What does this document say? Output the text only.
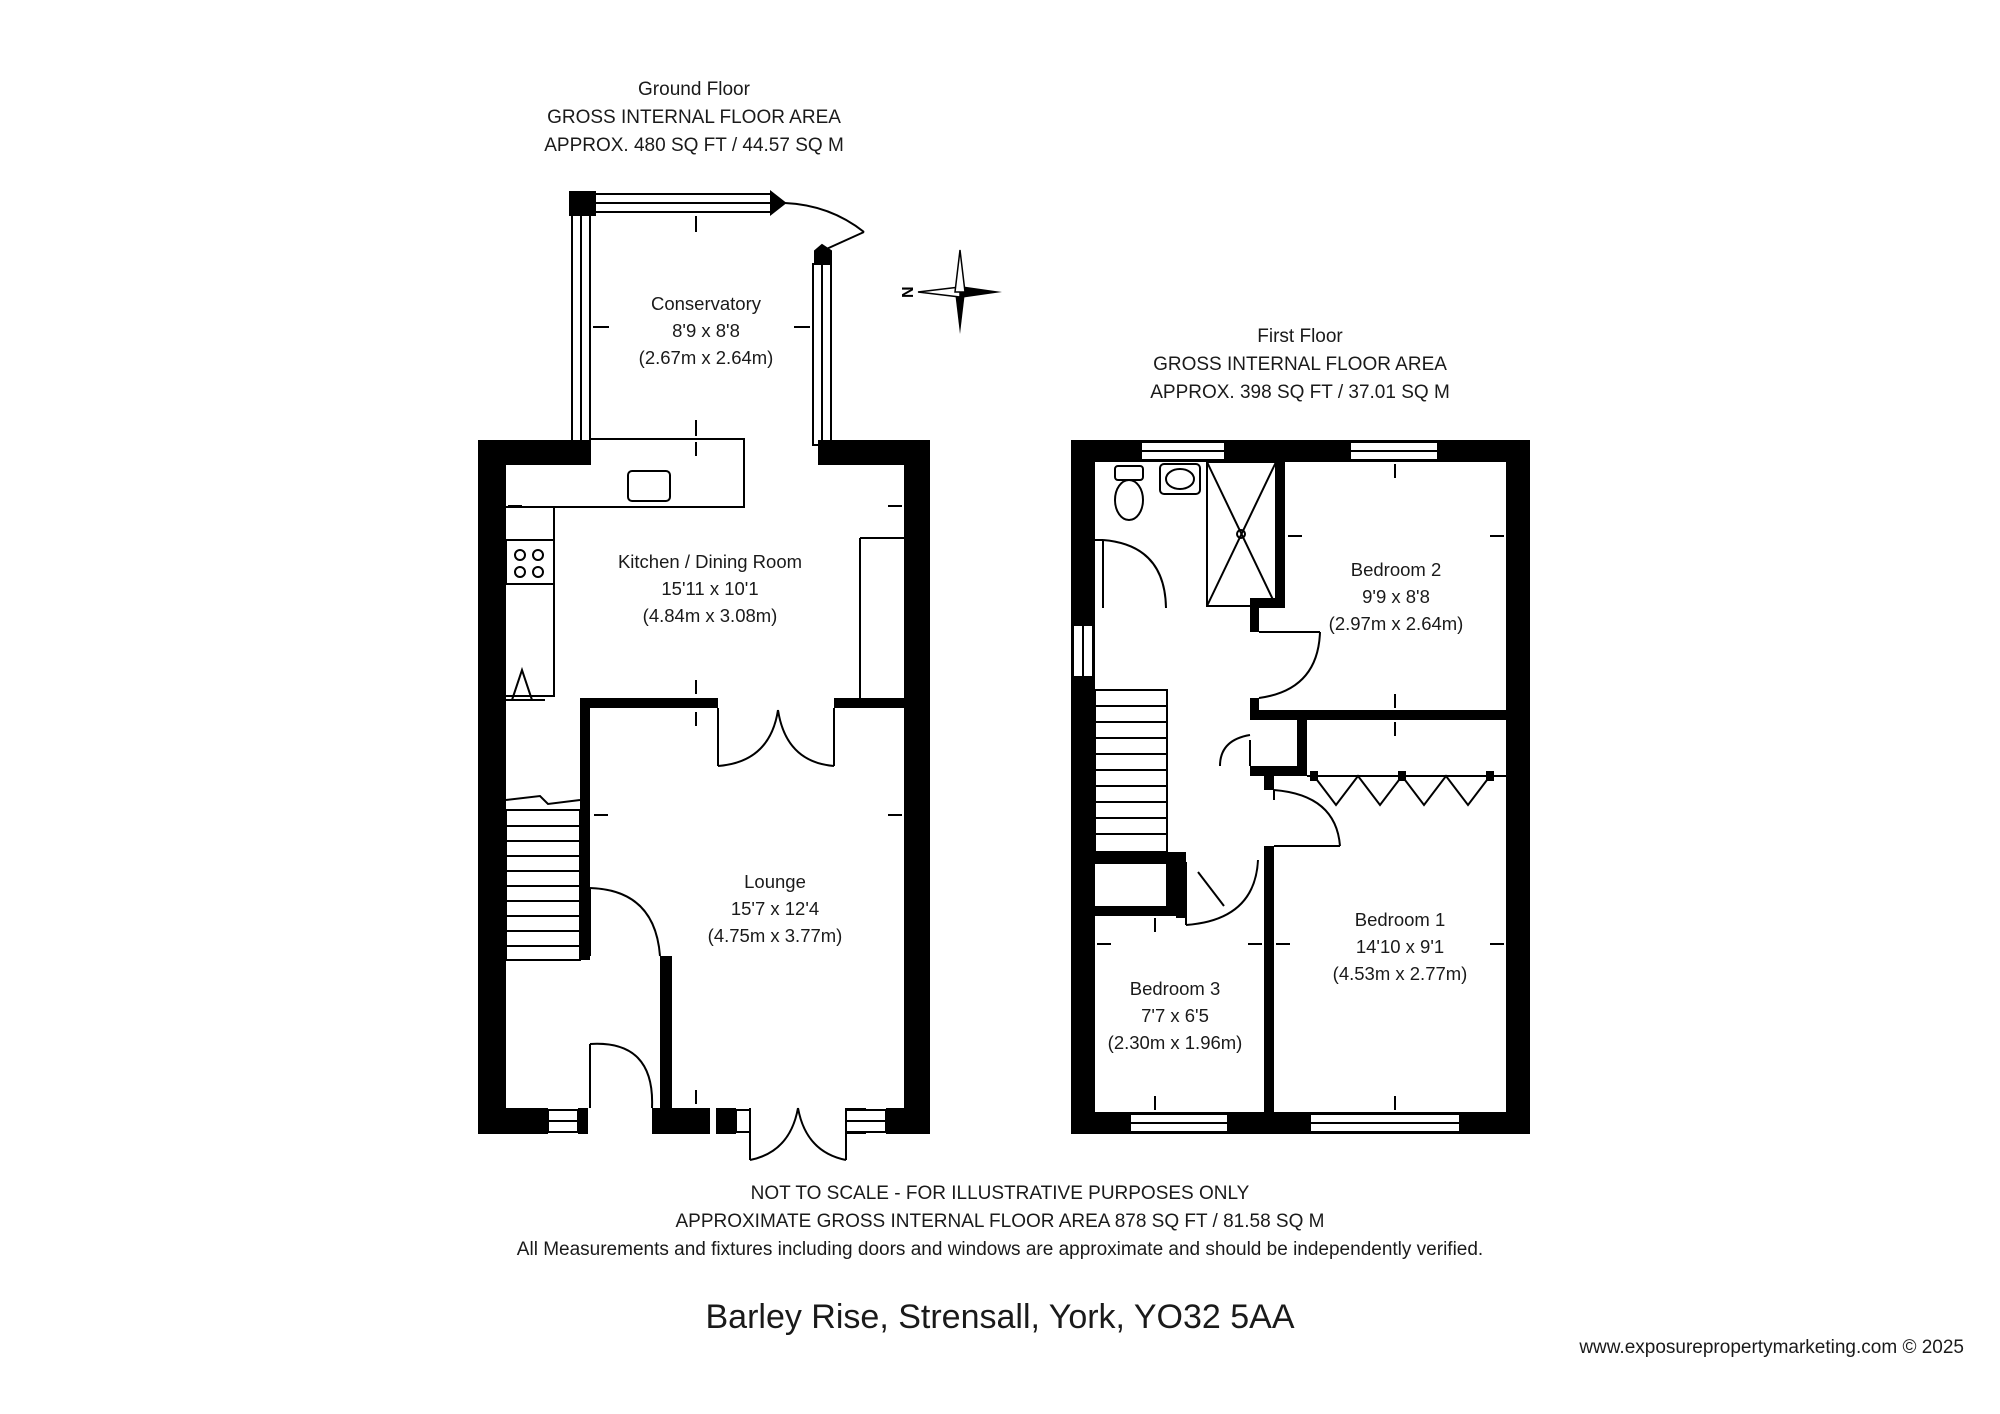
N
Ground Floor
GROSS INTERNAL FLOOR AREA
APPROX. 480 SQ FT / 44.57 SQ M
First Floor
GROSS INTERNAL FLOOR AREA
APPROX. 398 SQ FT / 37.01 SQ M
Conservatory
8'9 x 8'8
(2.67m x 2.64m)
Kitchen / Dining Room
15'11 x 10'1
(4.84m x 3.08m)
Lounge
15'7 x 12'4
(4.75m x 3.77m)
Bedroom 2
9'9 x 8'8
(2.97m x 2.64m)
Bedroom 1
14'10 x 9'1
(4.53m x 2.77m)
Bedroom 3
7'7 x 6'5
(2.30m x 1.96m)
NOT TO SCALE - FOR ILLUSTRATIVE PURPOSES ONLY
APPROXIMATE GROSS INTERNAL FLOOR AREA 878 SQ FT / 81.58 SQ M
All Measurements and fixtures including doors and windows are approximate and should be independently verified.
Barley Rise, Strensall, York, YO32 5AA
www.exposurepropertymarketing.com © 2025
